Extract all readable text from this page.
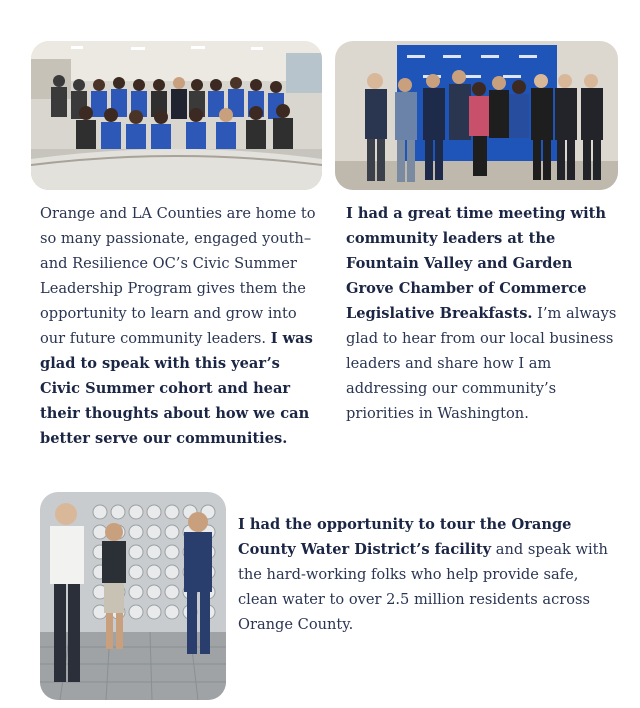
Orange and LA Counties are home to so many passionate, engaged youth–and Resilience OC’s Civic Summer Leadership Program gives them the opportunity to learn and grow into our future community leaders. I was glad to speak with this year’s Civic Summer cohort and hear their thoughts about how we can better serve our communities.
I had a great time meeting with community leaders at the Fountain Valley and Garden Grove Chamber of Commerce Legislative Breakfasts. I’m always glad to hear from our local business leaders and share how I am addressing our community’s priorities in Washington.
I had the opportunity to tour the Orange County Water District’s facility and speak with the hard-working folks who help provide safe, clean water to over 2.5 million residents across Orange County.
